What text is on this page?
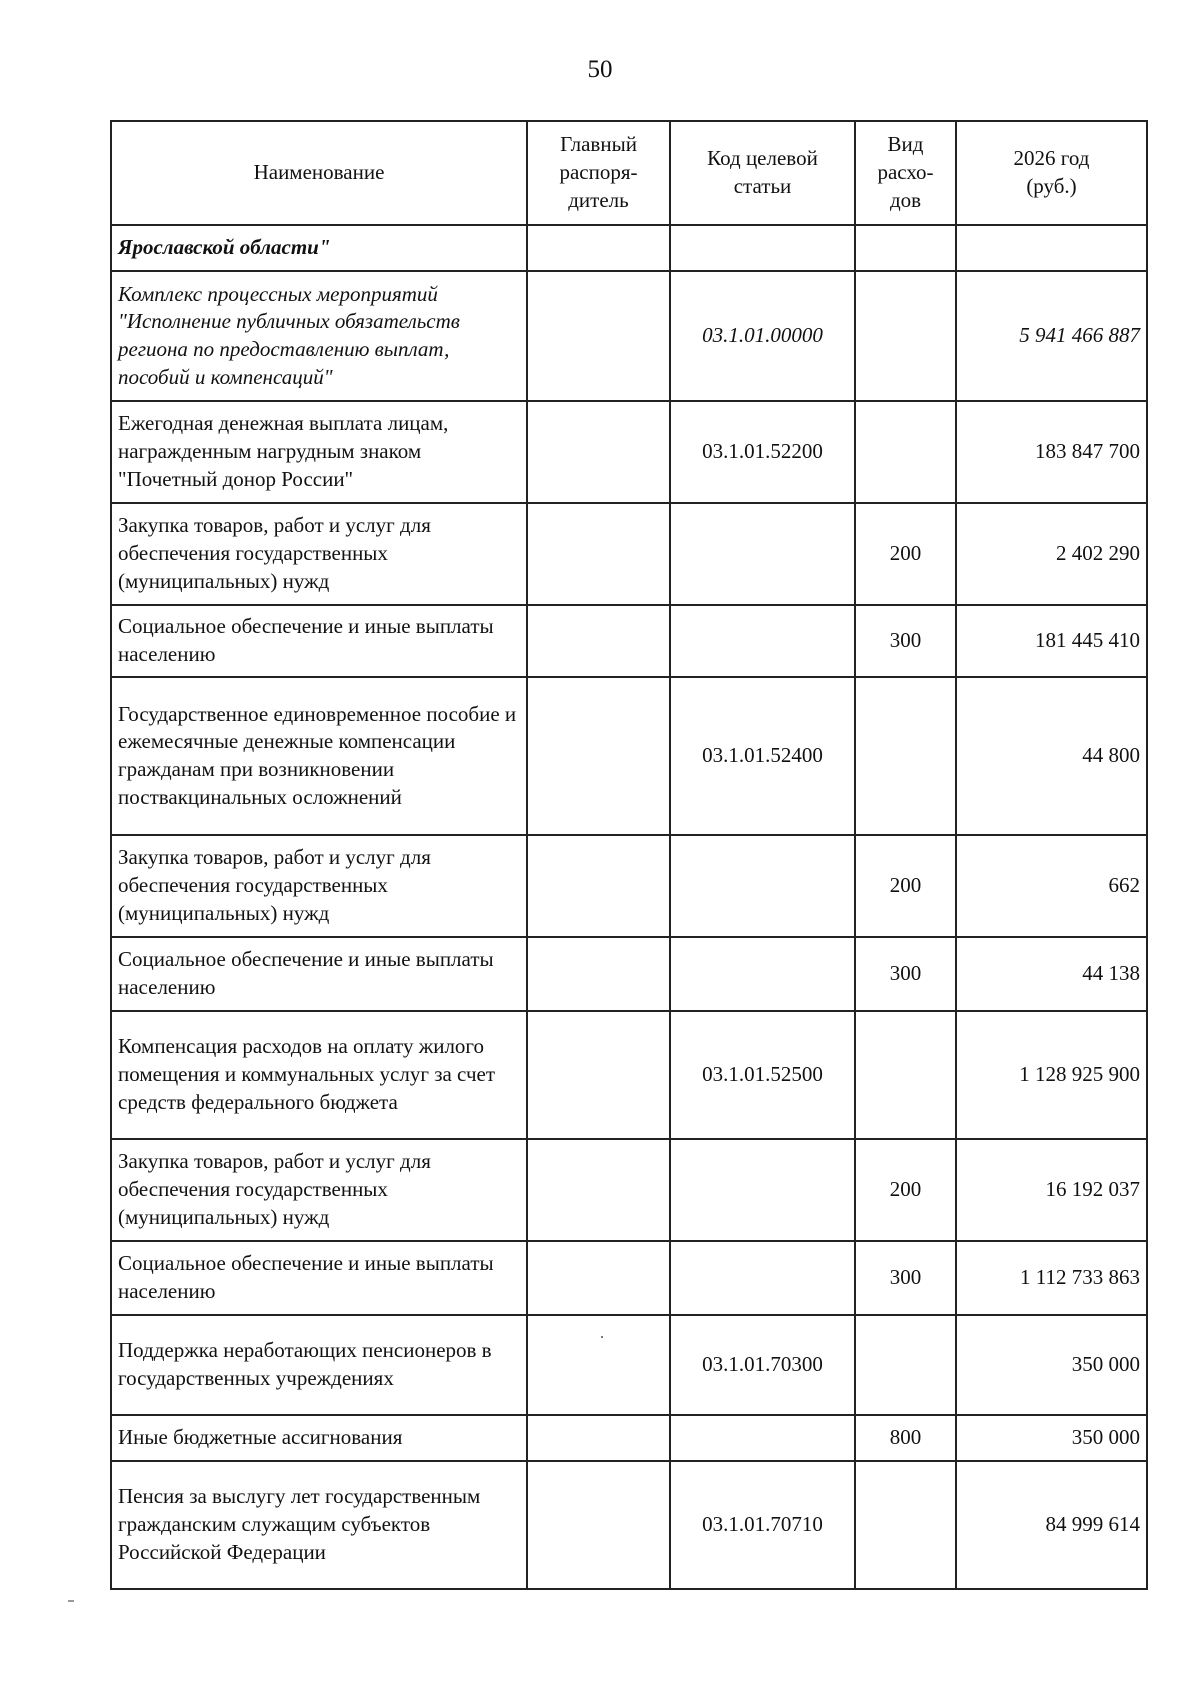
50
Наименование	Главный распоря-дитель	Код целевой статьи	Вид расхо-дов	2026 год (руб.)

Ярославской области"				
Комплекс процессных мероприятий "Исполнение публичных обязательств региона по предоставлению выплат, пособий и компенсаций"		03.1.01.00000		5 941 466 887
Ежегодная денежная выплата лицам, награжденным нагрудным знаком "Почетный донор России"		03.1.01.52200		183 847 700
Закупка товаров, работ и услуг для обеспечения государственных (муниципальных) нужд			200	2 402 290
Социальное обеспечение и иные выплаты населению			300	181 445 410
Государственное единовременное пособие и ежемесячные денежные компенсации гражданам при возникновении поствакцинальных осложнений		03.1.01.52400		44 800
Закупка товаров, работ и услуг для обеспечения государственных (муниципальных) нужд			200	662
Социальное обеспечение и иные выплаты населению			300	44 138
Компенсация расходов на оплату жилого помещения и коммунальных услуг за счет средств федерального бюджета		03.1.01.52500		1 128 925 900
Закупка товаров, работ и услуг для обеспечения государственных (муниципальных) нужд			200	16 192 037
Социальное обеспечение и иные выплаты населению			300	1 112 733 863
Поддержка неработающих пенсионеров в государственных учреждениях		03.1.01.70300		350 000
Иные бюджетные ассигнования			800	350 000
Пенсия за выслугу лет государственным гражданским служащим субъектов Российской Федерации		03.1.01.70710		84 999 614
